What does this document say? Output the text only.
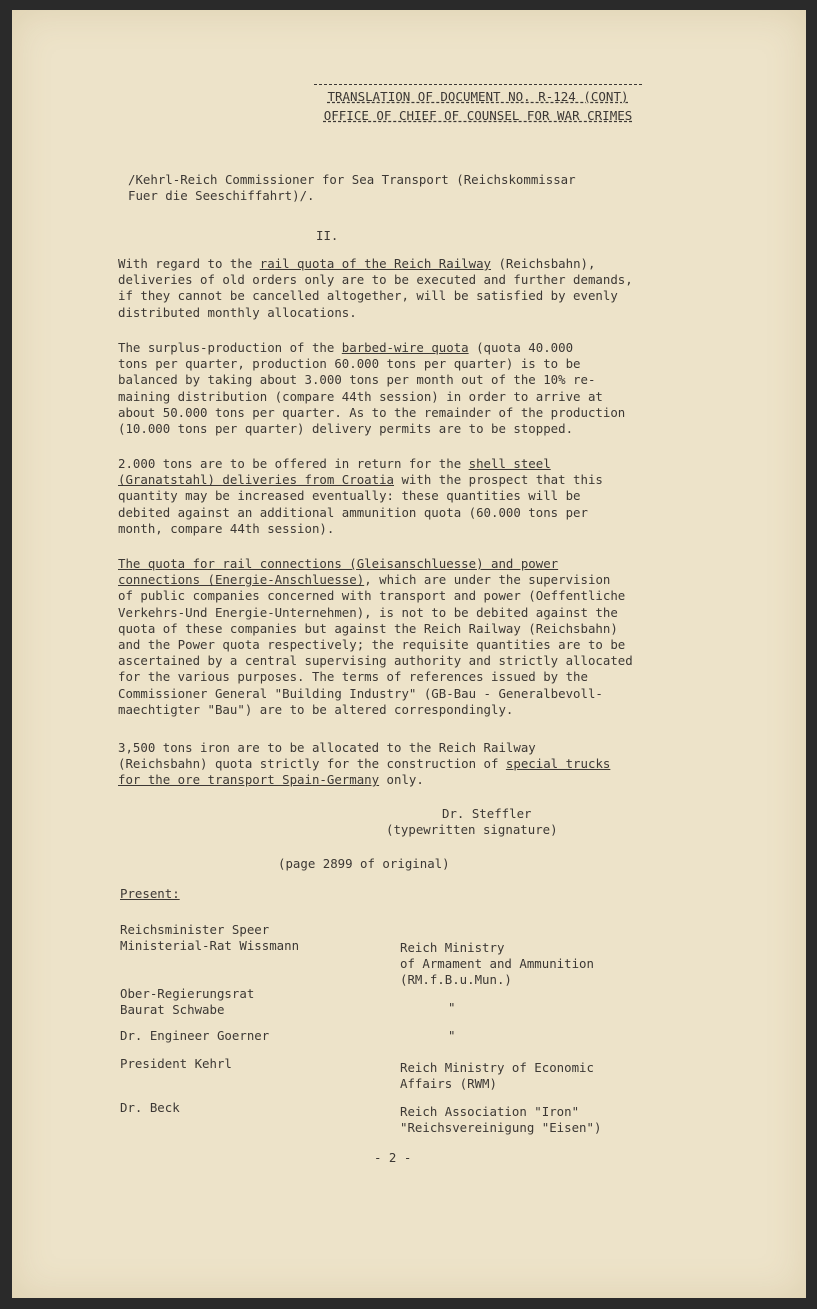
TRANSLATION OF DOCUMENT NO. R-124 (CONT)
OFFICE OF CHIEF OF COUNSEL FOR WAR CRIMES
/Kehrl-Reich Commissioner for Sea Transport (Reichskommissar
Fuer die Seeschiffahrt)/.
II.
With regard to the rail quota of the Reich Railway (Reichsbahn),
deliveries of old orders only are to be executed and further demands,
if they cannot be cancelled altogether, will be satisfied by evenly
distributed monthly allocations.
The surplus-production of the barbed-wire quota (quota 40.000
tons per quarter, production 60.000 tons per quarter) is to be
balanced by taking about 3.000 tons per month out of the 10% re-
maining distribution (compare 44th session) in order to arrive at
about 50.000 tons per quarter. As to the remainder of the production
(10.000 tons per quarter) delivery permits are to be stopped.
2.000 tons are to be offered in return for the shell steel
(Granatstahl) deliveries from Croatia with the prospect that this
quantity may be increased eventually: these quantities will be
debited against an additional ammunition quota (60.000 tons per
month, compare 44th session).
The quota for rail connections (Gleisanschluesse) and power
connections (Energie-Anschluesse), which are under the supervision
of public companies concerned with transport and power (Oeffentliche
Verkehrs-Und Energie-Unternehmen), is not to be debited against the
quota of these companies but against the Reich Railway (Reichsbahn)
and the Power quota respectively; the requisite quantities are to be
ascertained by a central supervising authority and strictly allocated
for the various purposes. The terms of references issued by the
Commissioner General "Building Industry" (GB-Bau - Generalbevoll-
maechtigter "Bau") are to be altered correspondingly.
3,500 tons iron are to be allocated to the Reich Railway
(Reichsbahn) quota strictly for the construction of special trucks
for the ore transport Spain-Germany only.
Dr. Steffler
(typewritten signature)
(page 2899 of original)
Present:
Reichsminister Speer
Ministerial-Rat Wissmann
Ober-Regierungsrat
Baurat Schwabe
Dr. Engineer Goerner
President Kehrl
Dr. Beck
Reich Ministry
of Armament and Ammunition
(RM.f.B.u.Mun.)
"
"
Reich Ministry of Economic
Affairs (RWM)
Reich Association "Iron"
"Reichsvereinigung "Eisen")
- 2 -
